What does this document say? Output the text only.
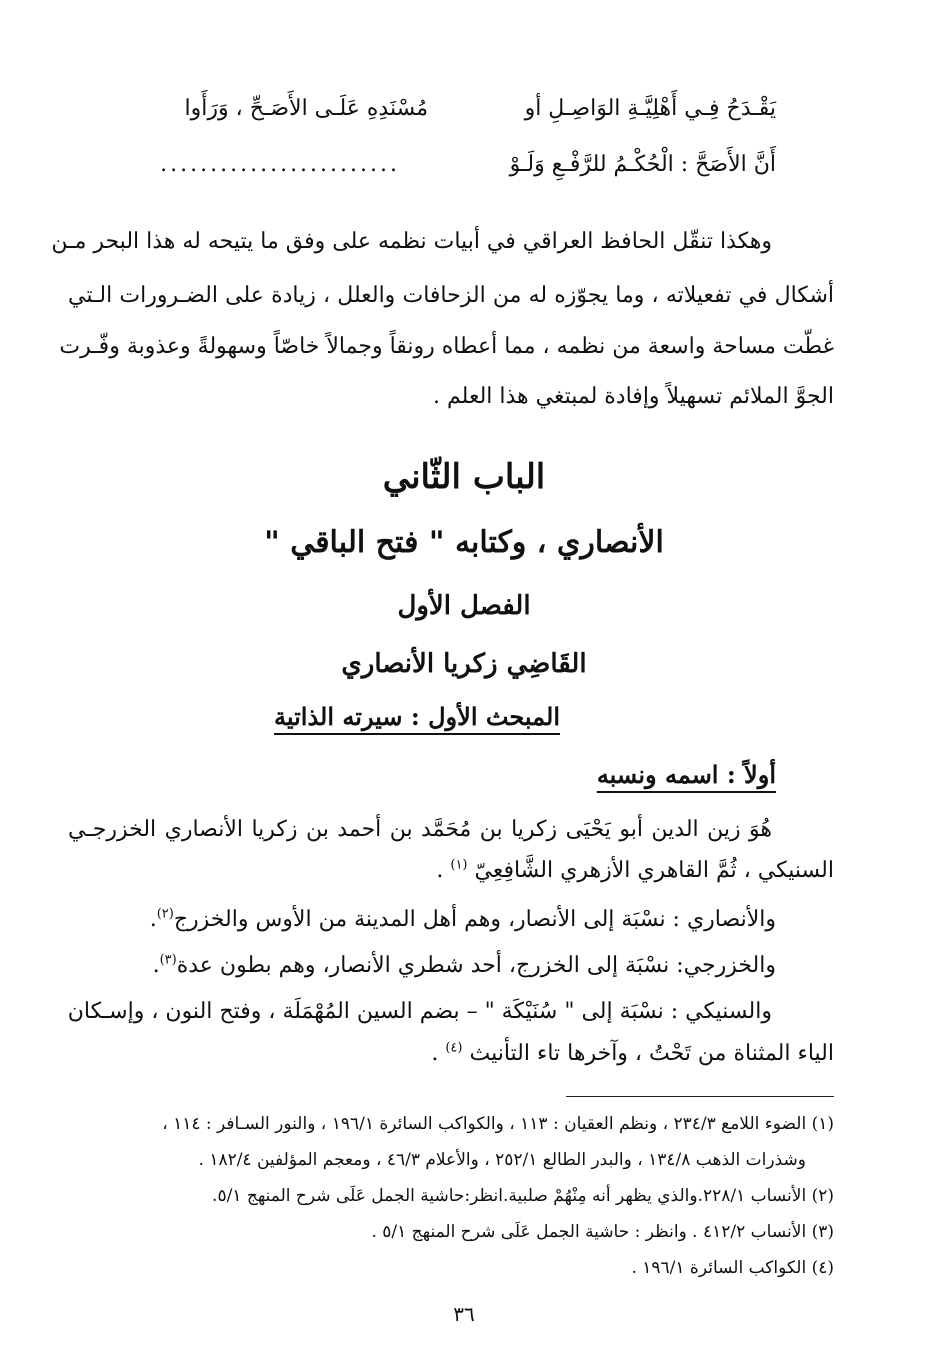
يَقْـدَحُ فِـي أَهْلِيَّـةِ الوَاصِـلِ أو
مُسْنَدِهِ عَلَـى الأَصَـحِّ ، وَرَأَوا
أَنَّ الأَصَحَّ : الْحُكْـمُ للرَّفْـعِ وَلَـوْ
........................

وهكذا تنقّل الحافظ العراقي في أبيات نظمه على وفق ما يتيحه له هذا البحر مـن

أشكال في تفعيلاته ، وما يجوّزه له من الزحافات والعلل ، زيادة على الضـرورات الـتي

غطّت مساحة واسعة من نظمه ، مما أعطاه رونقاً وجمالاً خاصّاً وسهولةً وعذوبة وفّـرت

الجوَّ الملائم تسهيلاً وإفادة لمبتغي هذا العلم .

الباب الثّاني
الأنصاري ، وكتابه " فتح الباقي "
الفصل الأول
القَاضِي زكريا الأنصاري
المبحث الأول : سيرته الذاتية
أولاً : اسمه ونسبه

هُوَ زين الدين أبو يَحْيَى زكريا بن مُحَمَّد بن أحمد بن زكريا الأنصاري الخزرجـي

السنيكي ، ثُمَّ القاهري الأزهري الشَّافِعِيّ $^{(١)}$ .

والأنصاري : نسْبَة إلى الأنصار، وهم أهل المدينة من الأوس والخزرج$^{(٢)}$.

والخزرجي: نسْبَة إلى الخزرج، أحد شطري الأنصار، وهم بطون عدة$^{(٣)}$.

والسنيكي : نسْبَة إلى " سُنَيْكَة " – بضم السين المُهْمَلَة ، وفتح النون ، وإسـكان

الياء المثناة من تَحْتُ ، وآخرها تاء التأنيث $^{(٤)}$ .

(١) الضوء اللامع ٢٣٤/٣ ، ونظم العقيان : ١١٣ ، والكواكب السائرة ١٩٦/١ ، والنور السـافر : ١١٤ ،
وشذرات الذهب ١٣٤/٨ ، والبدر الطالع ٢٥٢/١ ، والأعلام ٤٦/٣ ، ومعجم المؤلفين ١٨٢/٤ .
(٢) الأنساب ٢٢٨/١.والذي يظهر أنه مِنْهُمْ صلبية.انظر:حاشية الجمل عَلَى شرح المنهج ٥/١.
(٣) الأنساب ٤١٢/٢ . وانظر : حاشية الجمل عَلَى شرح المنهج ٥/١ .
(٤) الكواكب السائرة ١٩٦/١ .
٣٦
